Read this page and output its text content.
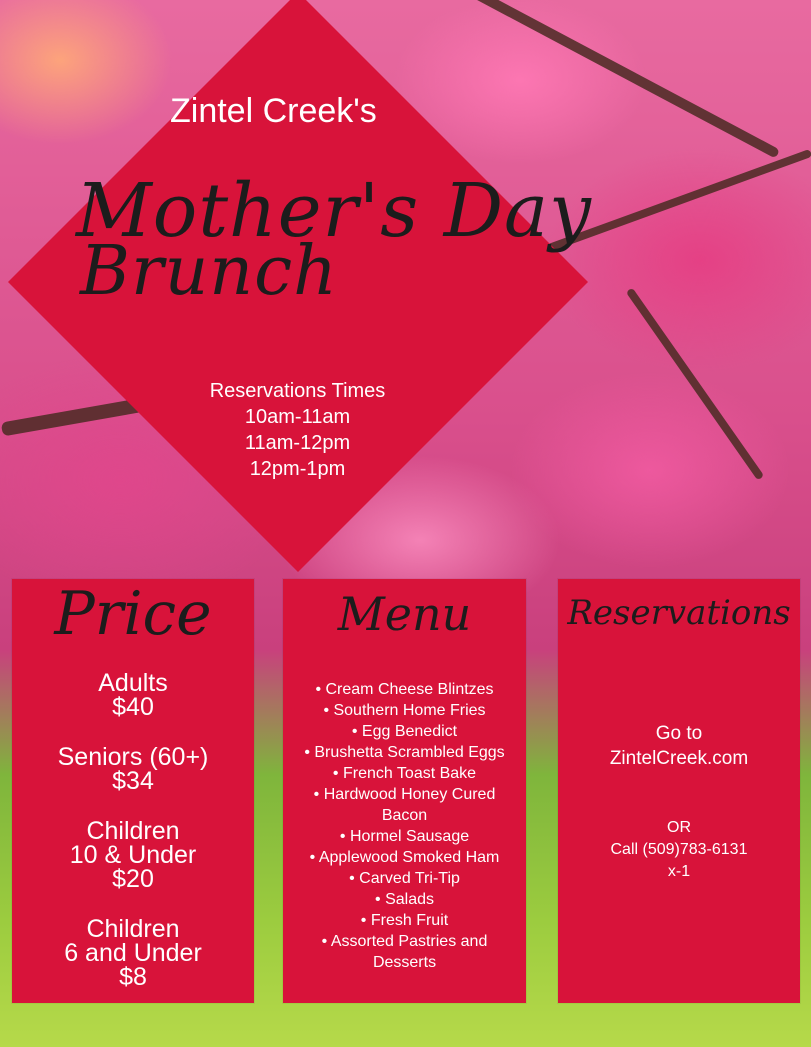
Zintel Creek's
Mother's Day
Brunch
Reservations Times
10am-11am
11am-12pm
12pm-1pm
Price
Adults
$40
Seniors (60+)
$34
Children
10 & Under
$20
Children
6 and Under
$8
Menu
• Cream Cheese Blintzes
• Southern Home Fries
• Egg Benedict
• Brushetta Scrambled Eggs
• French Toast Bake
• Hardwood Honey Cured Bacon
• Hormel Sausage
• Applewood Smoked Ham
• Carved Tri-Tip
• Salads
• Fresh Fruit
• Assorted Pastries and Desserts
Reservations
Go to
ZintelCreek.com
OR
Call (509)783-6131
x-1
